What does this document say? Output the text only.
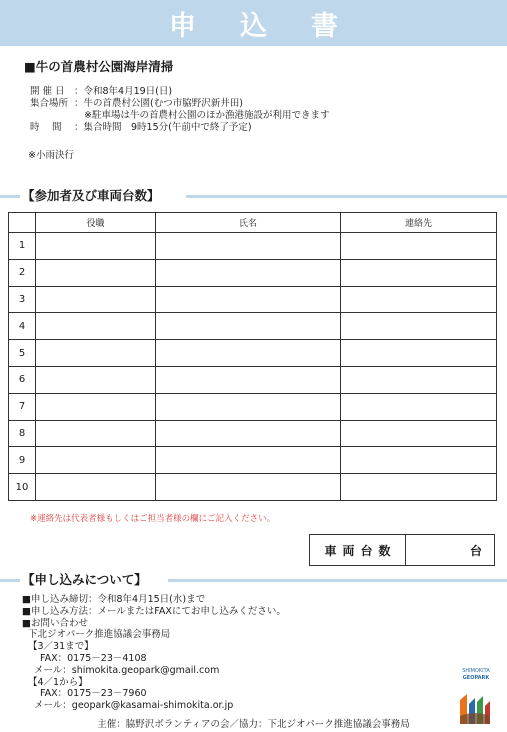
申込書
■牛の首農村公園海岸清掃
開 催 日 ：令和8年4月19日(日)
集合場所 ：牛の首農村公園(むつ市脇野沢新井田)
※駐車場は牛の首農村公園のほか漁港施設が利用できます
時　 間 ：集合時間　9時15分(午前中で終了予定)
※小雨決行
【参加者及び車両台数】
	役職	氏名	連絡先
1			
2			
3			
4			
5			
6			
7			
8			
9			
10			
※連絡先は代表者様もしくはご担当者様の欄にご記入ください。
車両台数	台
【申し込みについて】
■申し込み締切：令和8年4月15日(水)まで
■申し込み方法：メールまたはFAXにてお申し込みください。
■お問い合わせ
下北ジオパーク推進協議会事務局
【3／31まで】
FAX：0175－23－4108
メール：shimokita.geopark@gmail.com
【4／1から】
FAX：0175－23－7960
メール：geopark@kasamai-shimokita.or.jp
SHIMOKITA
GEOPARK
主催：脇野沢ボランティアの会／協力：下北ジオパーク推進協議会事務局
